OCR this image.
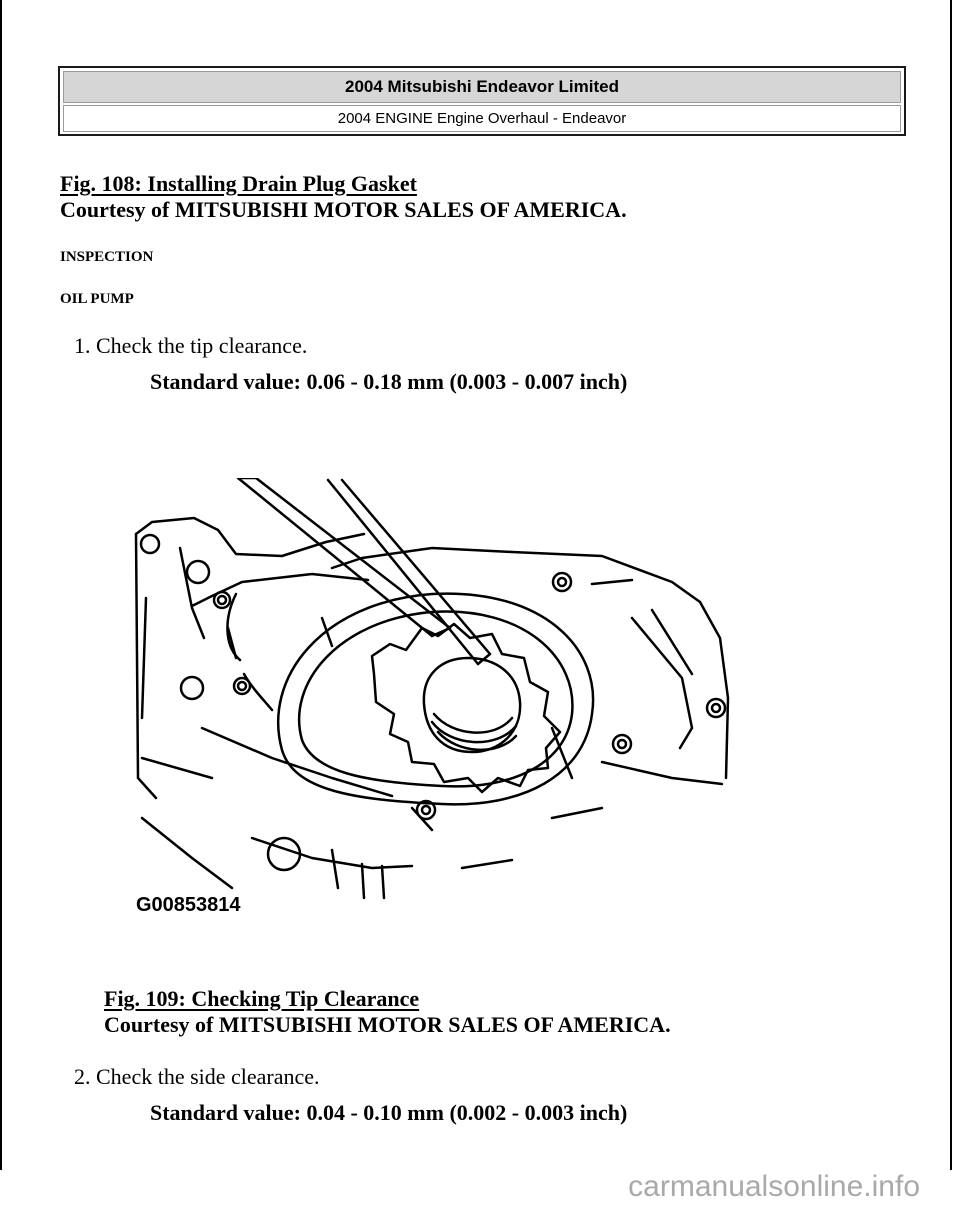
2004 Mitsubishi Endeavor Limited
2004 ENGINE Engine Overhaul - Endeavor
Fig. 108: Installing Drain Plug Gasket
Courtesy of MITSUBISHI MOTOR SALES OF AMERICA.
INSPECTION
OIL PUMP
1. Check the tip clearance.
Standard value: 0.06 - 0.18 mm (0.003 - 0.007 inch)
G00853814
Fig. 109: Checking Tip Clearance
Courtesy of MITSUBISHI MOTOR SALES OF AMERICA.
2. Check the side clearance.
Standard value: 0.04 - 0.10 mm (0.002 - 0.003 inch)
carmanualsonline.info
